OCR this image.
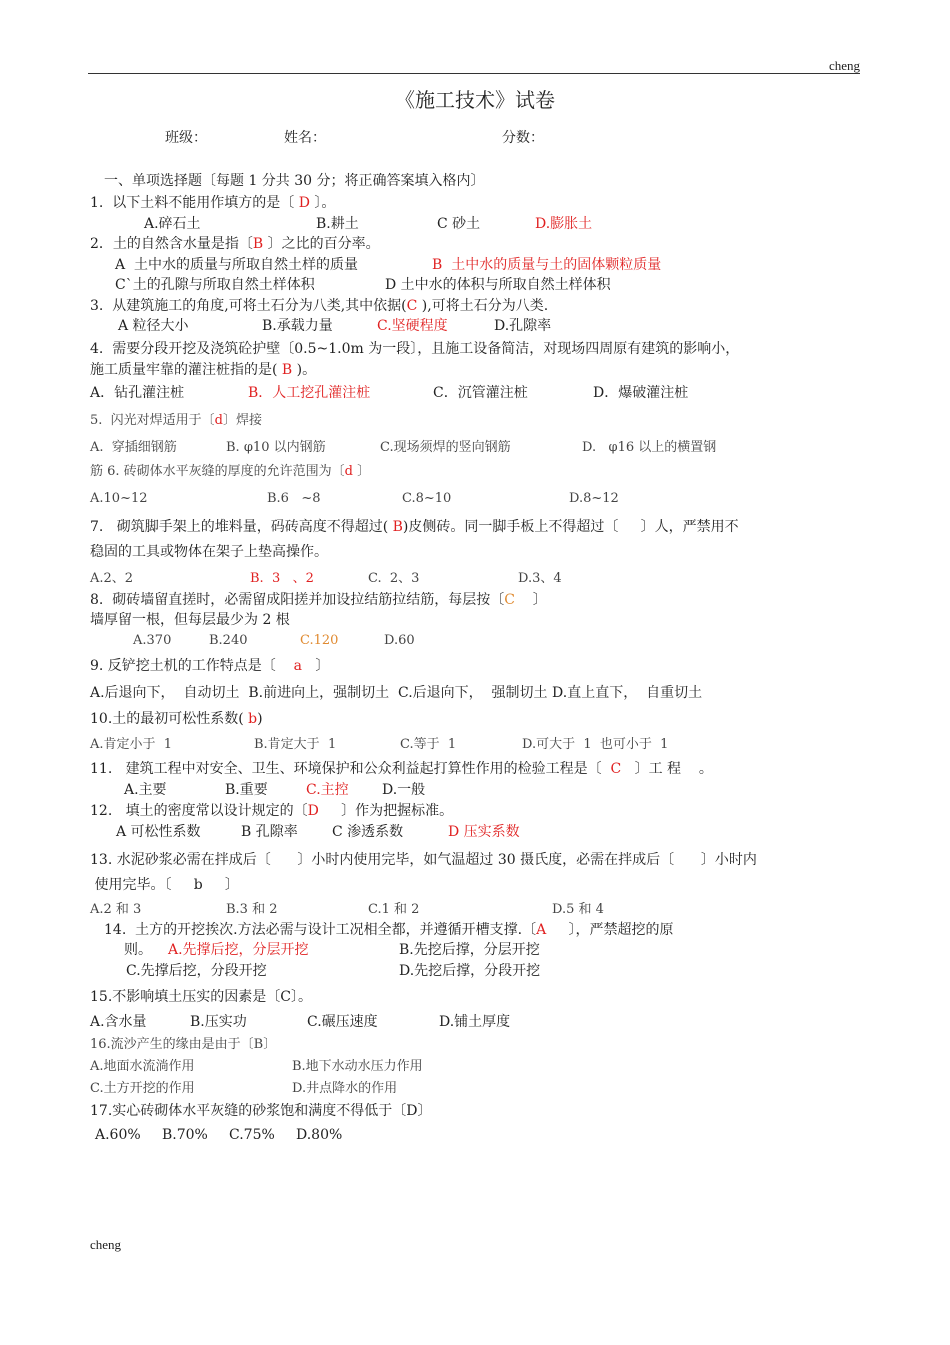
cheng
《施工技术》试卷
班级：	姓名：	分数：
一、单项选择题〔每题 1 分共 30 分；将正确答案填入格内〕
1.  以下土料不能用作填方的是〔 D 〕。
A.碎石土	B.耕土	C 砂土	D.膨胀土
2．土的自然含水量是指〔B 〕之比的百分率。
A  土中水的质量与所取自然土样的质量	B  土中水的质量与土的固体颗粒质量
C`土的孔隙与所取自然土样体积	D 土中水的体积与所取自然土样体积
3.  从建筑施工的角度,可将土石分为八类,其中依据(C ),可将土石分为八类.
A 粒径大小	B.承载力量	C.坚硬程度	D.孔隙率
4.  需要分段开挖及浇筑砼护壁〔0.5~1.0m 为一段〕，且施工设备简洁，对现场四周原有建筑的影响小，
施工质量牢靠的灌注桩指的是( B )。
A．钻孔灌注桩	B．人工挖孔灌注桩	C．沉管灌注桩	D．爆破灌注桩
5.  闪光对焊适用于〔d〕焊接
A.  穿插细钢筋	B. φ10 以内钢筋	C.现场须焊的竖向钢筋	D.   φ16 以上的横置钢
筋 6. 砖砌体水平灰缝的厚度的允许范围为〔d 〕
A.10~12	B.6   ~8	C.8~10	D.8~12
7.   砌筑脚手架上的堆料量，码砖高度不得超过( B)皮侧砖。同一脚手板上不得超过〔     〕人，严禁用不
稳固的工具或物体在架子上垫高操作。
A.2、2	B.  3   、2	C.  2、3	D.3、4
8.  砌砖墙留直搓时，必需留成阳搓并加设拉结筋拉结筋，每层按〔C    〕
墙厚留一根，但每层最少为 2 根
A.370	B.240	C.120	D.60
9. 反铲挖土机的工作特点是〔    a   〕
A.后退向下，  自动切土  B.前进向上，强制切土  C.后退向下，  强制切土 D.直上直下，  自重切土
10.土的最初可松性系数( b)
A.肯定小于  1	B.肯定大于  1	C.等于  1	D.可大于  1  也可小于  1
11.   建筑工程中对安全、卫生、环境保护和公众利益起打算性作用的检验工程是〔  C   〕工 程    。
A.主要	B.重要	C.主控 D.一般
12.   填土的密度常以设计规定的〔D     〕作为把握标准。
A 可松性系数	B 孔隙率 C 渗透系数	D 压实系数
13. 水泥砂浆必需在拌成后〔      〕小时内使用完毕，如气温超过 30 摄氏度，必需在拌成后〔      〕小时内
使用完毕。〔     b     〕
A.2 和 3	B.3 和 2	C.1 和 2	D.5 和 4
14.  土方的开挖挨次.方法必需与设计工况相全都，并遵循开槽支撑.〔A     〕，严禁超挖的原
则。 A.先撑后挖，分层开挖	B.先挖后撑，分层开挖
C.先撑后挖，分段开挖	D.先挖后撑，分段开挖
15.不影响填土压实的因素是〔C〕。
A.含水量	B.压实功	C.碾压速度	D.铺土厚度
16.流沙产生的缘由是由于〔B〕
A.地面水流淌作用	B.地下水动水压力作用
C.土方开挖的作用	D.井点降水的作用
17.实心砖砌体水平灰缝的砂浆饱和满度不得低于〔D〕
A.60% B.70% C.75% D.80%
cheng
